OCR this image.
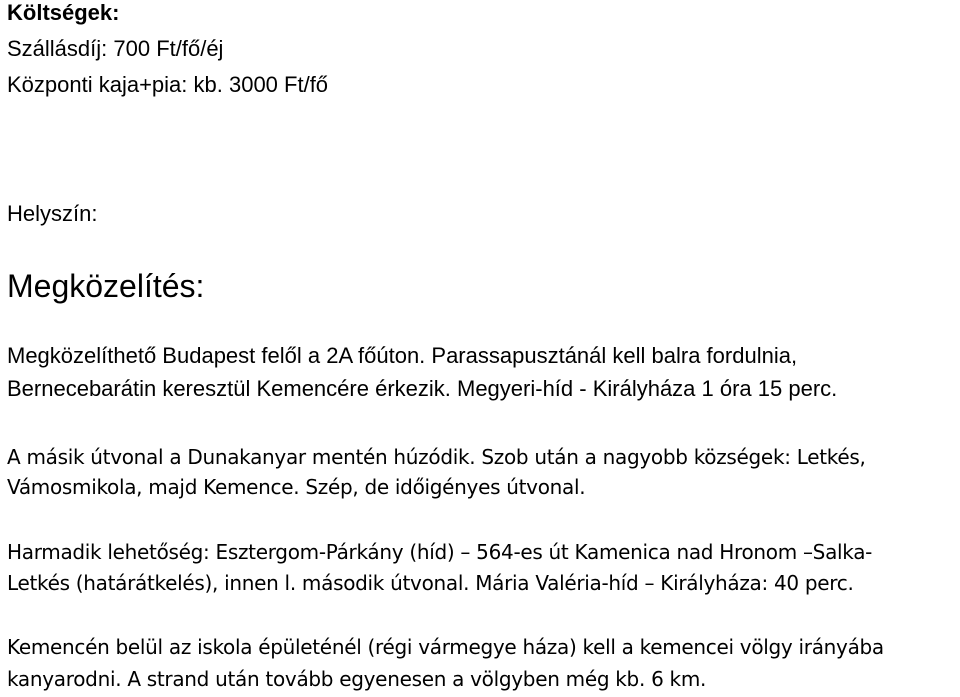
Költségek:
Szállásdíj: 700 Ft/fő/éj
Központi kaja+pia: kb. 3000 Ft/fő
Helyszín:
Megközelítés:
Megközelíthető Budapest felől a 2A főúton. Parassapusztánál kell balra fordulnia,
Bernecebarátin keresztül Kemencére érkezik. Megyeri-híd - Királyháza 1 óra 15 perc.
A másik útvonal a Dunakanyar mentén húzódik. Szob után a nagyobb községek: Letkés,
Vámosmikola, majd Kemence. Szép, de időigényes útvonal.
Harmadik lehetőség: Esztergom-Párkány (híd) – 564-es út Kamenica nad Hronom –Salka-
Letkés (határátkelés), innen l. második útvonal. Mária Valéria-híd – Királyháza: 40 perc.
Kemencén belül az iskola épületénél (régi vármegye háza) kell a kemencei völgy irányába
kanyarodni. A strand után tovább egyenesen a völgyben még kb. 6 km.
